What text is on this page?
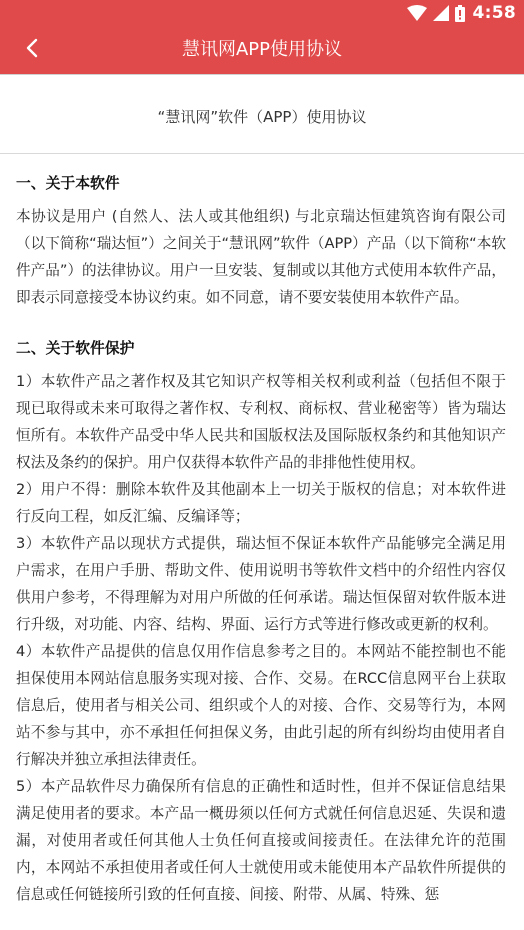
4:58
慧讯网APP使用协议
“慧讯网”软件（APP）使用协议
一、关于本软件

本协议是用户 (自然人、法人或其他组织) 与北京瑞达恒建筑咨询有限公司（以下简称“瑞达恒”）之间关于“慧讯网”软件（APP）产品（以下简称“本软件产品”）的法律协议。用户一旦安装、复制或以其他方式使用本软件产品，即表示同意接受本协议约束。如不同意，请不要安装使用本软件产品。

二、关于软件保护

1）本软件产品之著作权及其它知识产权等相关权利或利益（包括但不限于现已取得或未来可取得之著作权、专利权、商标权、营业秘密等）皆为瑞达恒所有。本软件产品受中华人民共和国版权法及国际版权条约和其他知识产权法及条约的保护。用户仅获得本软件产品的非排他性使用权。

2）用户不得：删除本软件及其他副本上一切关于版权的信息；对本软件进行反向工程，如反汇编、反编译等；

3）本软件产品以现状方式提供，瑞达恒不保证本软件产品能够完全满足用户需求，在用户手册、帮助文件、使用说明书等软件文档中的介绍性内容仅供用户参考，不得理解为对用户所做的任何承诺。瑞达恒保留对软件版本进行升级，对功能、内容、结构、界面、运行方式等进行修改或更新的权利。

4）本软件产品提供的信息仅用作信息参考之目的。本网站不能控制也不能担保使用本网站信息服务实现对接、合作、交易。在RCC信息网平台上获取信息后，使用者与相关公司、组织或个人的对接、合作、交易等行为，本网站不参与其中，亦不承担任何担保义务，由此引起的所有纠纷均由使用者自行解决并独立承担法律责任。

5）本产品软件尽力确保所有信息的正确性和适时性，但并不保证信息结果满足使用者的要求。本产品一概毋须以任何方式就任何信息迟延、失误和遗漏，对使用者或任何其他人士负任何直接或间接责任。在法律允许的范围内，本网站不承担使用者或任何人士就使用或未能使用本产品软件所提供的信息或任何链接所引致的任何直接、间接、附带、从属、特殊、惩
